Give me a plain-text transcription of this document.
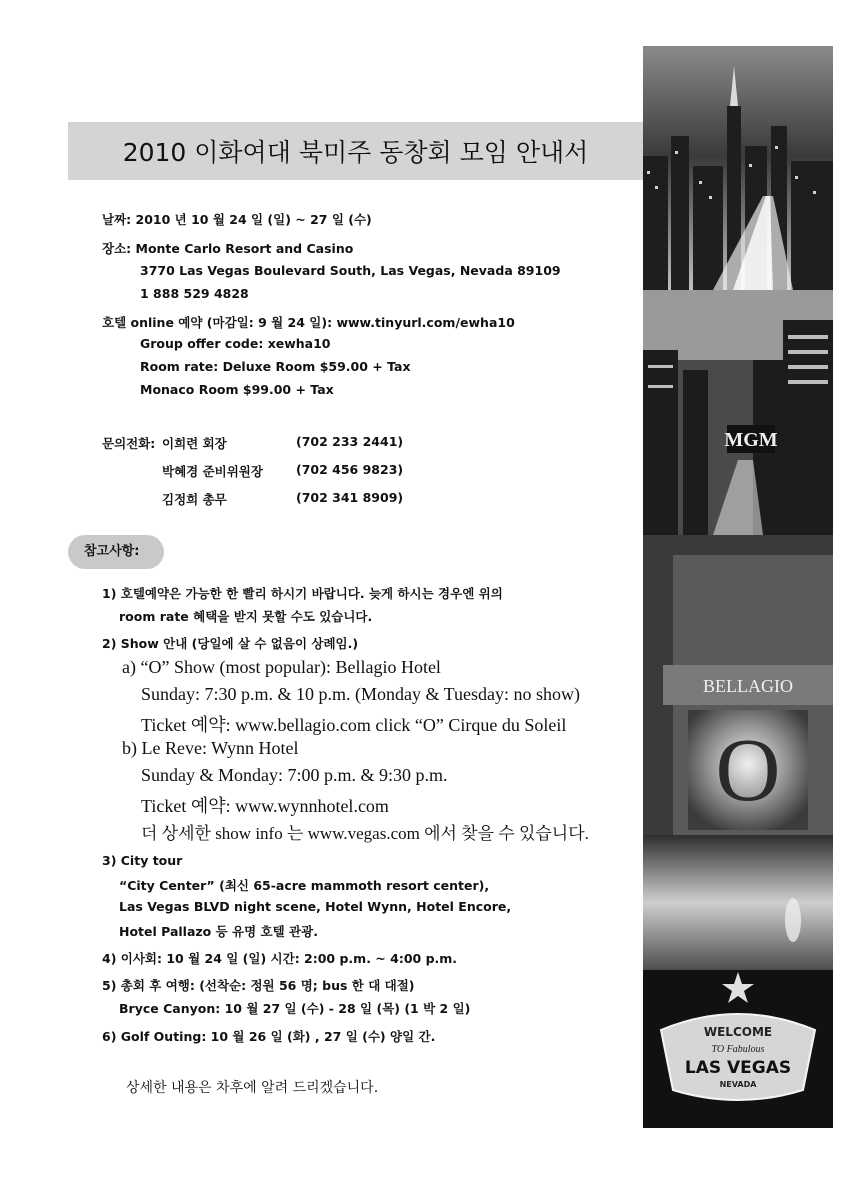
2010 이화여대 북미주 동창회 모임 안내서
날짜: 2010 년 10 월 24 일 (일) ~ 27 일 (수)
장소: Monte Carlo Resort and Casino
3770 Las Vegas Boulevard South, Las Vegas, Nevada 89109
1 888 529 4828
호텔 online 예약 (마감일: 9 월 24 일): www.tinyurl.com/ewha10
Group offer code: xewha10
Room rate: Deluxe Room $59.00 + Tax
Monaco Room $99.00 + Tax
문의전화: 이희련 회장	(702 233 2441)
박혜경 준비위원장	(702 456 9823)
김정희 총무	(702 341 8909)
참고사항:
1) 호텔예약은 가능한 한 빨리 하시기 바랍니다. 늦게 하시는 경우엔 위의
room rate 혜택을 받지 못할 수도 있습니다.
2) Show 안내 (당일에 살 수 없음이 상례임.)
a) “O” Show (most popular): Bellagio Hotel
Sunday: 7:30 p.m. & 10 p.m. (Monday & Tuesday: no show)
Ticket 예약: www.bellagio.com click “O” Cirque du Soleil
b) Le Reve: Wynn Hotel
Sunday & Monday: 7:00 p.m. & 9:30 p.m.
Ticket 예약: www.wynnhotel.com
더 상세한 show info 는 www.vegas.com 에서 찾을 수 있습니다.
3) City tour
“City Center” (최신 65-acre mammoth resort center),
Las Vegas BLVD night scene, Hotel Wynn, Hotel Encore,
Hotel Pallazo 등 유명 호텔 관광.
4) 이사회: 10 월 24 일 (일) 시간: 2:00 p.m. ~ 4:00 p.m.
5) 총회 후 여행: (선착순: 정원 56 명; bus 한 대 대절)
Bryce Canyon: 10 월 27 일 (수) - 28 일 (목) (1 박 2 일)
6) Golf Outing: 10 월 26 일 (화) , 27 일 (수) 양일 간.
상세한 내용은 차후에 알려 드리겠습니다.
MGM
BELLAGIO
O
WELCOME
TO Fabulous
LAS VEGAS
NEVADA
